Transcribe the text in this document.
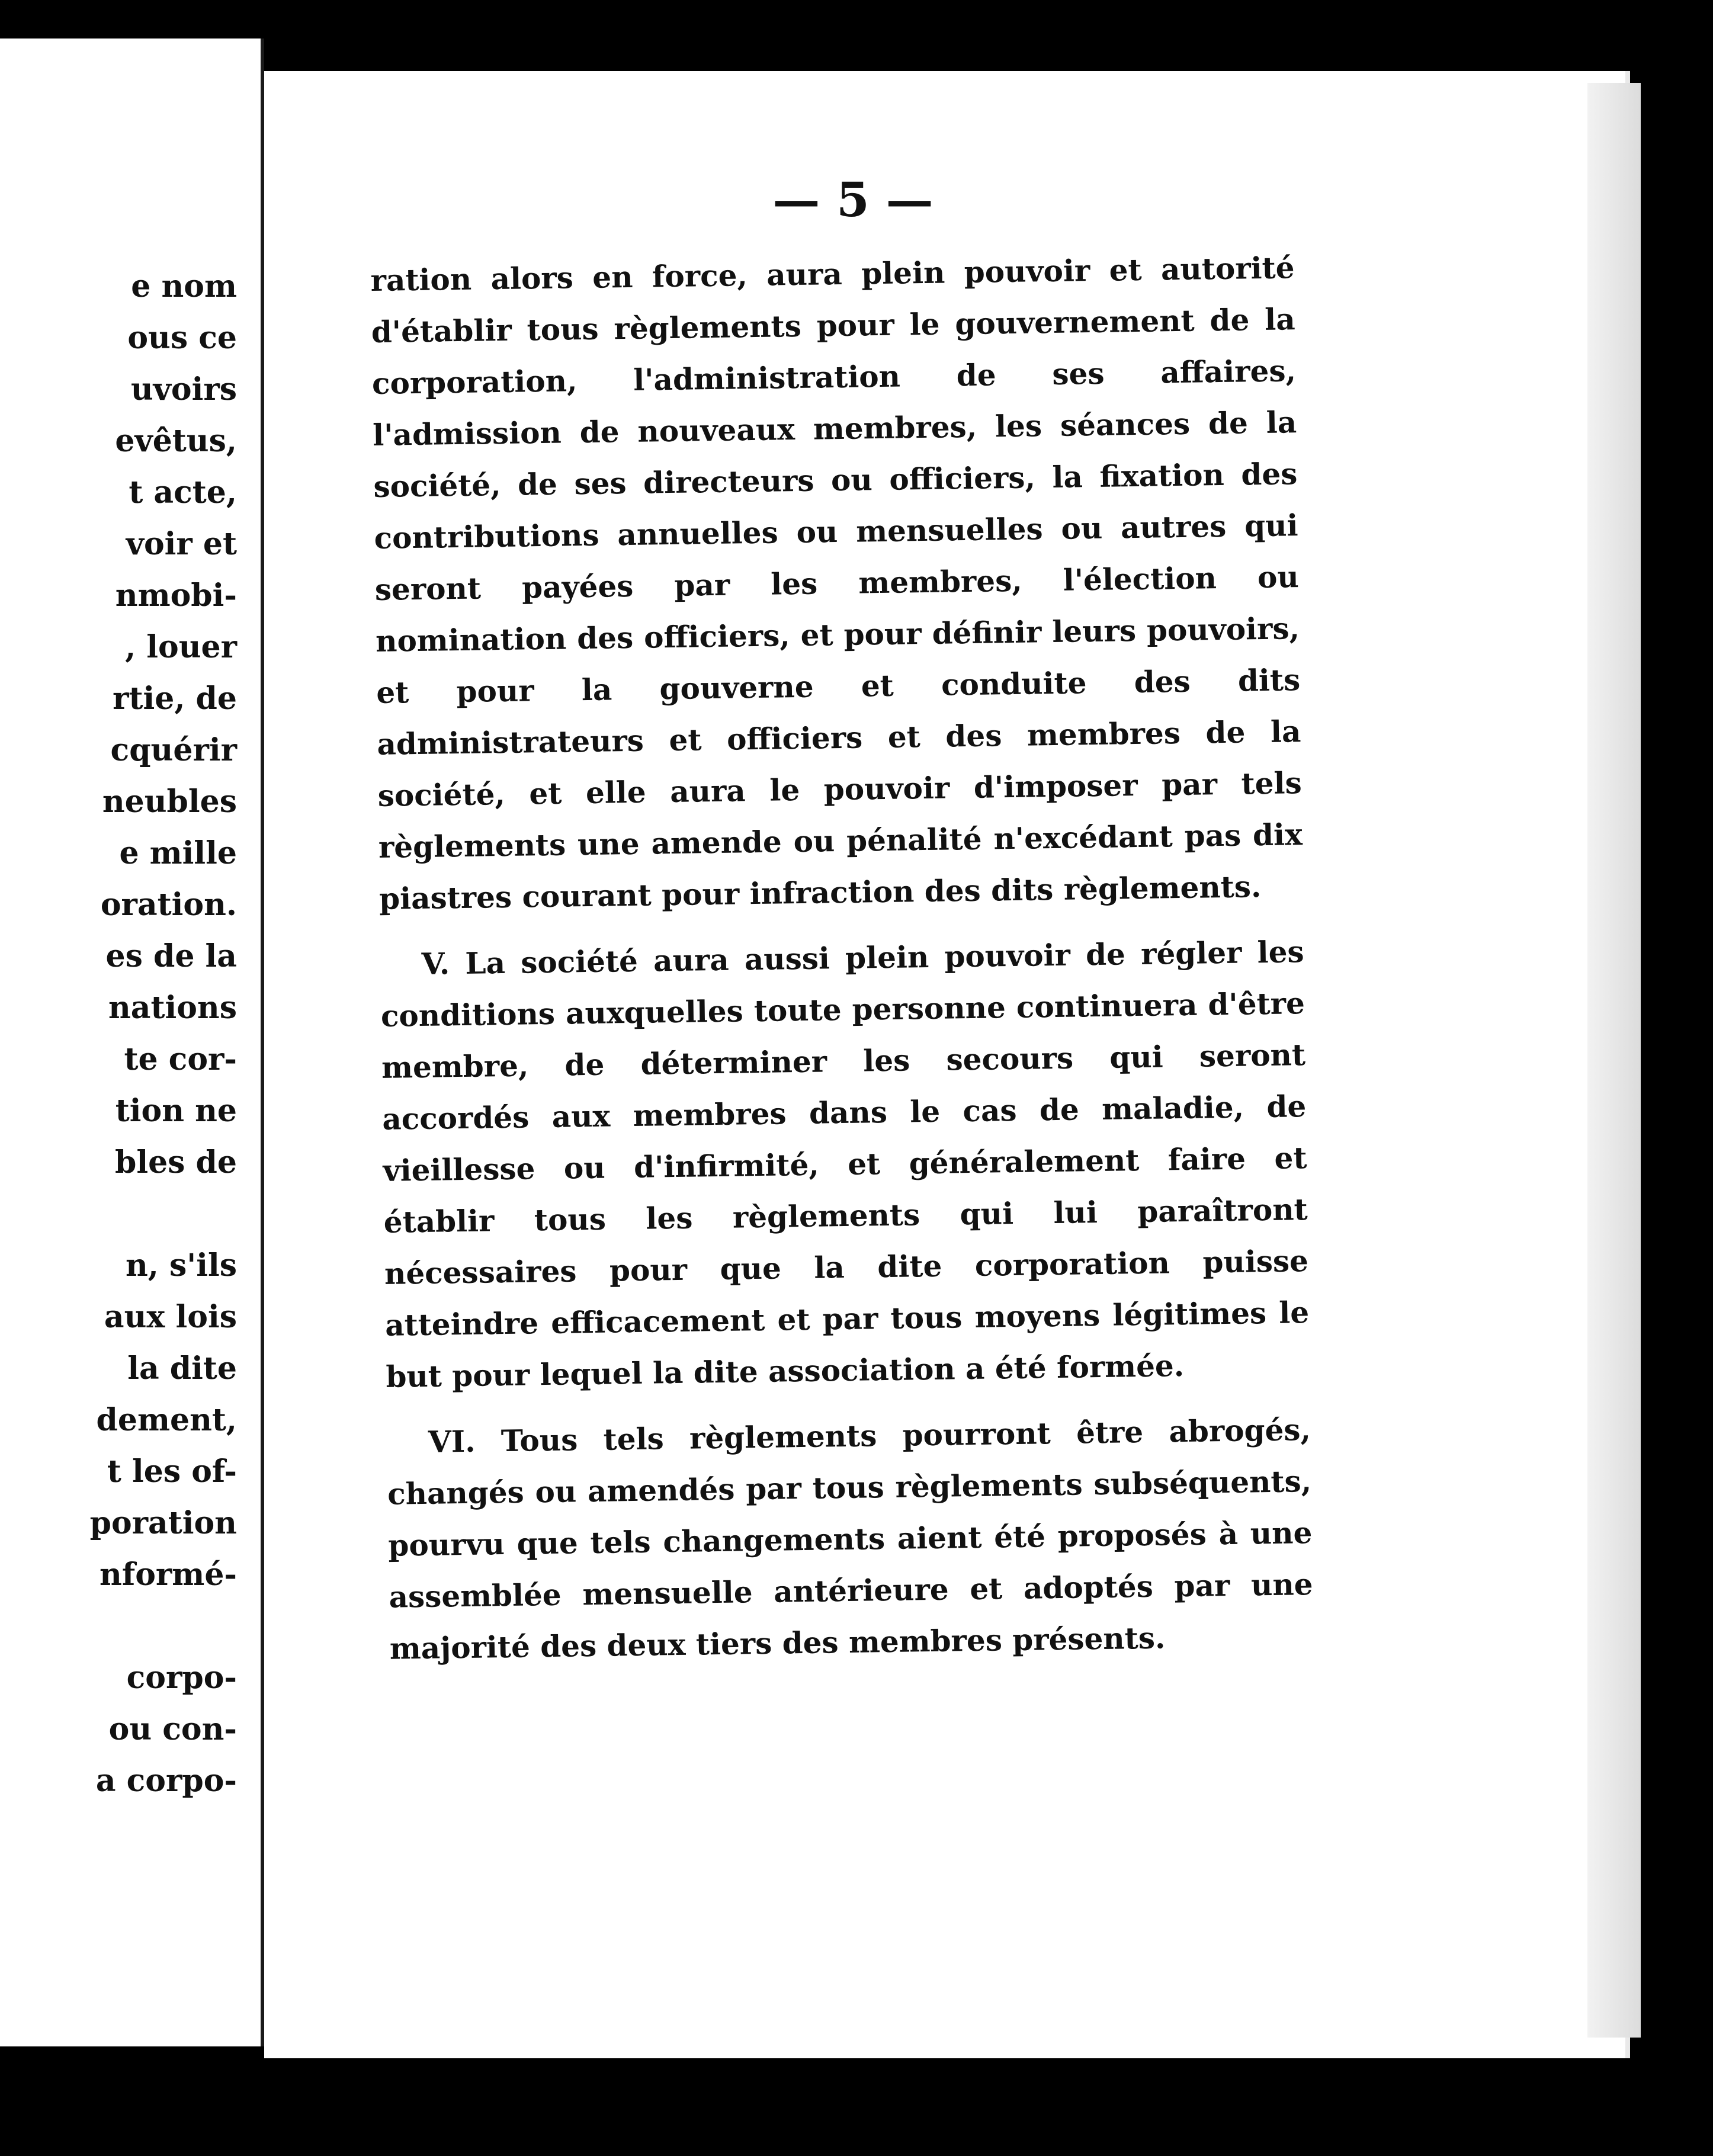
e nom
ous ce
uvoirs
evêtus,
t acte,
voir et
nmobi-
, louer
rtie, de
cquérir
neubles
e mille
oration.
es de la
nations
te cor-
tion ne
bles de
n, s'ils
aux lois
la dite
dement,
t les of-
poration
nformé-
corpo-
ou con-
a corpo-
— 5 —

ration alors en force, aura plein pouvoir et autorité d'établir tous règlements pour le gouvernement de la corporation, l'administration de ses affaires, l'admission de nouveaux membres, les séances de la société, de ses directeurs ou officiers, la fixation des contributions annuelles ou mensuelles ou autres qui seront payées par les membres, l'élection ou nomination des officiers, et pour définir leurs pouvoirs, et pour la gouverne et conduite des dits administrateurs et officiers et des membres de la société, et elle aura le pouvoir d'imposer par tels règlements une amende ou pénalité n'excédant pas dix piastres courant pour infraction des dits règlements.

V. La société aura aussi plein pouvoir de régler les conditions auxquelles toute personne continuera d'être membre, de déterminer les secours qui seront accordés aux membres dans le cas de maladie, de vieillesse ou d'infirmité, et généralement faire et établir tous les règlements qui lui paraîtront nécessaires pour que la dite corporation puisse atteindre efficacement et par tous moyens légitimes le but pour lequel la dite association a été formée.

VI. Tous tels règlements pourront être abrogés, changés ou amendés par tous règlements subséquents, pourvu que tels changements aient été proposés à une assemblée mensuelle antérieure et adoptés par une majorité des deux tiers des membres présents.
